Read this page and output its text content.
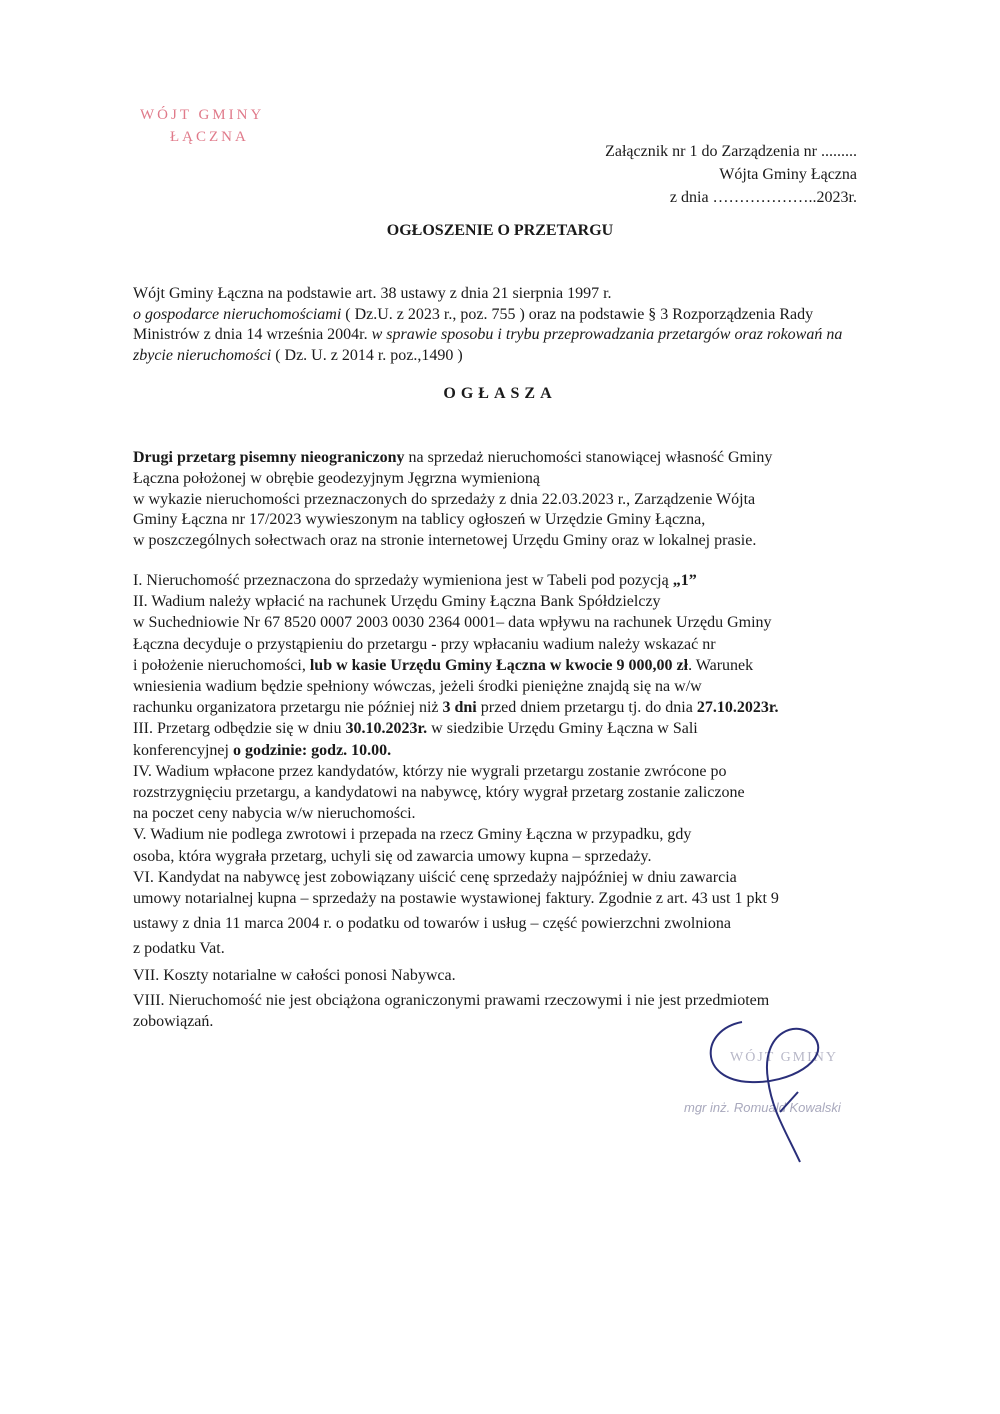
WÓJT GMINY
ŁĄCZNA
Załącznik nr 1 do Zarządzenia nr .........
Wójta Gminy Łączna
z dnia ………………..2023r.
OGŁOSZENIE O PRZETARGU
Wójt Gminy Łączna na podstawie art. 38 ustawy z dnia 21 sierpnia 1997 r.
o gospodarce nieruchomościami ( Dz.U. z 2023 r., poz. 755 ) oraz na podstawie § 3 Rozporządzenia Rady Ministrów z dnia 14 września 2004r. w sprawie sposobu i trybu przeprowadzania przetargów oraz rokowań na zbycie nieruchomości ( Dz. U. z 2014 r. poz.,1490 )
OGŁASZA
Drugi przetarg pisemny nieograniczony na sprzedaż nieruchomości stanowiącej własność Gminy
Łączna położonej w obrębie geodezyjnym Jęgrzna wymienioną
w wykazie nieruchomości przeznaczonych do sprzedaży z dnia 22.03.2023 r., Zarządzenie Wójta
Gminy Łączna nr 17/2023 wywieszonym na tablicy ogłoszeń w Urzędzie Gminy Łączna,
w poszczególnych sołectwach oraz na stronie internetowej Urzędu Gminy oraz w lokalnej prasie.

I. Nieruchomość przeznaczona do sprzedaży wymieniona jest w Tabeli pod pozycją „1”

II. Wadium należy wpłacić na rachunek Urzędu Gminy Łączna Bank Spółdzielczy
w Suchedniowie Nr 67 8520 0007 2003 0030 2364 0001– data wpływu na rachunek Urzędu Gminy
Łączna decyduje o przystąpieniu do przetargu - przy wpłacaniu wadium należy wskazać nr
i położenie nieruchomości, lub w kasie Urzędu Gminy Łączna w kwocie 9 000,00 zł. Warunek
wniesienia wadium będzie spełniony wówczas, jeżeli środki pieniężne znajdą się na w/w
rachunku organizatora przetargu nie później niż 3 dni przed dniem przetargu tj. do dnia 27.10.2023r.

III. Przetarg odbędzie się w dniu 30.10.2023r. w siedzibie Urzędu Gminy Łączna w Sali
konferencyjnej o godzinie: godz. 10.00.

IV. Wadium wpłacone przez kandydatów, którzy nie wygrali przetargu zostanie zwrócone po
rozstrzygnięciu przetargu, a kandydatowi na nabywcę, który wygrał przetarg zostanie zaliczone
na poczet ceny nabycia w/w nieruchomości.

V. Wadium nie podlega zwrotowi i przepada na rzecz Gminy Łączna w przypadku, gdy
osoba, która wygrała przetarg, uchyli się od zawarcia umowy kupna – sprzedaży.

VI. Kandydat na nabywcę jest zobowiązany uiścić cenę sprzedaży najpóźniej w dniu zawarcia
umowy notarialnej kupna – sprzedaży na postawie wystawionej faktury. Zgodnie z art. 43 ust 1 pkt 9
ustawy z dnia 11 marca 2004 r. o podatku od towarów i usług – część powierzchni zwolniona
z podatku Vat.

VII. Koszty notarialne w całości ponosi Nabywca.

VIII. Nieruchomość nie jest obciążona ograniczonymi prawami rzeczowymi i nie jest przedmiotem
zobowiązań.

WÓJT GMINY
mgr inż. Romuald Kowalski
